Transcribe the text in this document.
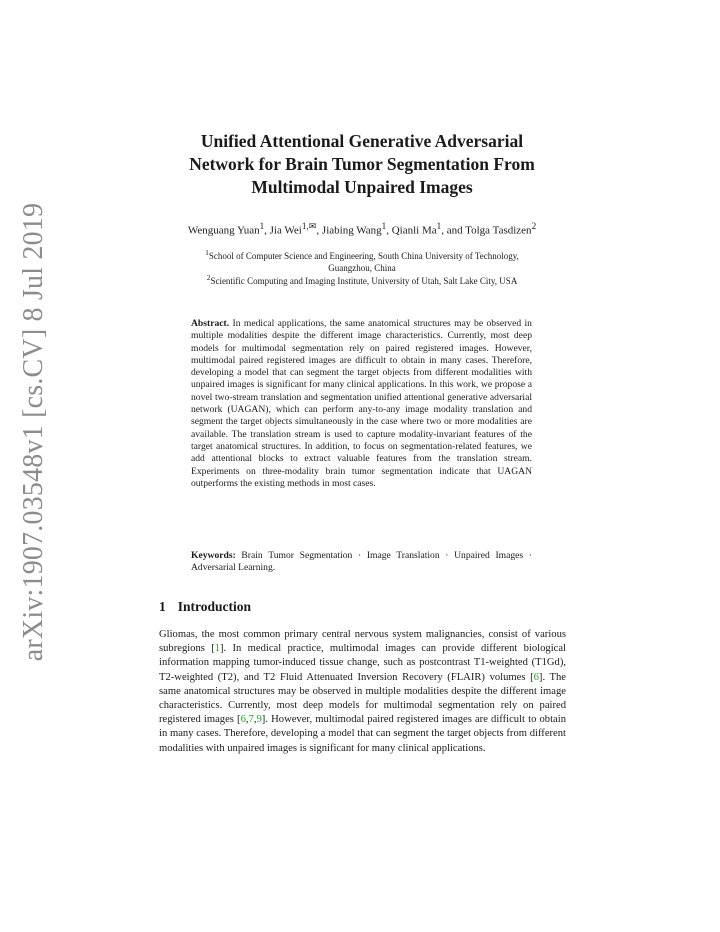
arXiv:1907.03548v1 [cs.CV] 8 Jul 2019
Unified Attentional Generative Adversarial
Network for Brain Tumor Segmentation From
Multimodal Unpaired Images
Wenguang Yuan$^1$, Jia Wei$^{1,✉}$, Jiabing Wang$^1$, Qianli Ma$^1$, and Tolga Tasdizen$^2$
$^1$School of Computer Science and Engineering, South China University of Technology,
Guangzhou, China
$^2$Scientific Computing and Imaging Institute, University of Utah, Salt Lake City, USA
Abstract. In medical applications, the same anatomical structures may be observed in multiple modalities despite the different image characteristics. Currently, most deep models for multimodal segmentation rely on paired registered images. However, multimodal paired registered images are difficult to obtain in many cases. Therefore, developing a model that can segment the target objects from different modalities with unpaired images is significant for many clinical applications. In this work, we propose a novel two-stream translation and segmentation unified attentional generative adversarial network (UAGAN), which can perform any-to-any image modality translation and segment the target objects simultaneously in the case where two or more modalities are available. The translation stream is used to capture modality-invariant features of the target anatomical structures. In addition, to focus on segmentation-related features, we add attentional blocks to extract valuable features from the translation stream. Experiments on three-modality brain tumor segmentation indicate that UAGAN outperforms the existing methods in most cases.
Keywords: Brain Tumor Segmentation · Image Translation · Unpaired Images · Adversarial Learning.
1 Introduction
Gliomas, the most common primary central nervous system malignancies, consist of various subregions [1]. In medical practice, multimodal images can provide different biological information mapping tumor-induced tissue change, such as postcontrast T1-weighted (T1Gd), T2-weighted (T2), and T2 Fluid Attenuated Inversion Recovery (FLAIR) volumes [6]. The same anatomical structures may be observed in multiple modalities despite the different image characteristics. Currently, most deep models for multimodal segmentation rely on paired registered images [6,7,9]. However, multimodal paired registered images are difficult to obtain in many cases. Therefore, developing a model that can segment the target objects from different modalities with unpaired images is significant for many clinical applications.
